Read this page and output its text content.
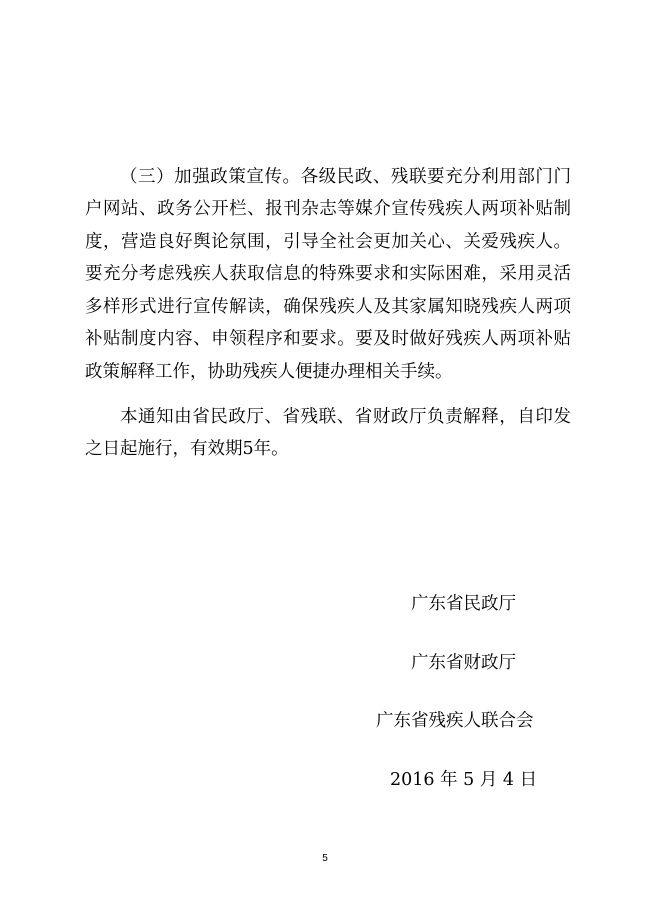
（三）加强政策宣传。各级民政、残联要充分利用部门门户网站、政务公开栏、报刊杂志等媒介宣传残疾人两项补贴制度，营造良好舆论氛围，引导全社会更加关心、关爱残疾人。要充分考虑残疾人获取信息的特殊要求和实际困难，采用灵活多样形式进行宣传解读，确保残疾人及其家属知晓残疾人两项补贴制度内容、申领程序和要求。要及时做好残疾人两项补贴政策解释工作，协助残疾人便捷办理相关手续。

本通知由省民政厅、省残联、省财政厅负责解释，自印发之日起施行，有效期5年。

广东省民政厅
广东省财政厅
广东省残疾人联合会
2016 年 5 月 4 日
5
